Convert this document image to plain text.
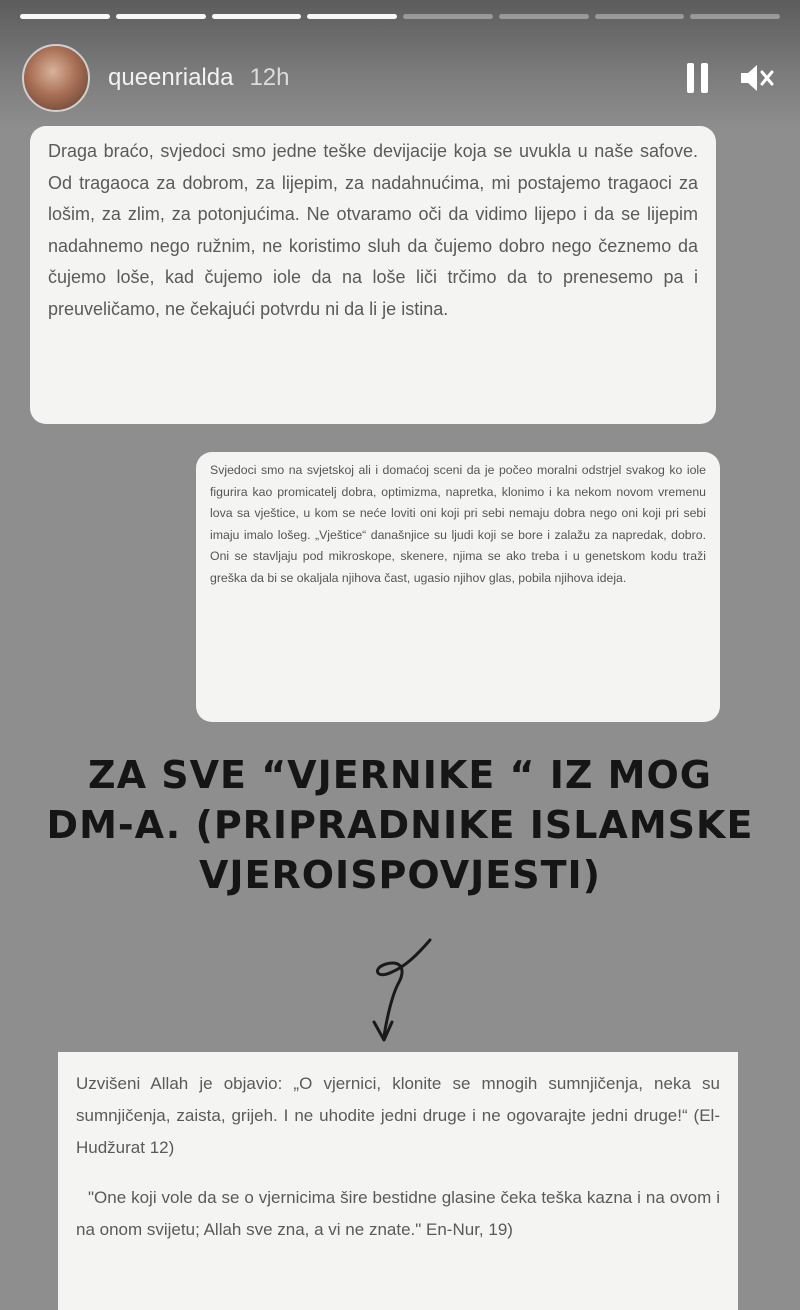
queenrialda 12h
Draga braćo, svjedoci smo jedne teške devijacije koja se uvukla u naše safove. Od tragaoca za dobrom, za lijepim, za nadahnućima, mi postajemo tragaoci za lošim, za zlim, za potonjućima. Ne otvaramo oči da vidimo lijepo i da se lijepim nadahnemo nego ružnim, ne koristimo sluh da čujemo dobro nego čeznemo da čujemo loše, kad čujemo iole da na loše liči trčimo da to prenesemo pa i preuveličamo, ne čekajući potvrdu ni da li je istina.
Svjedoci smo na svjetskoj ali i domaćoj sceni da je počeo moralni odstrjel svakog ko iole figurira kao promicatelj dobra, optimizma, napretka, klonimo i ka nekom novom vremenu lova sa vještice, u kom se neće loviti oni koji pri sebi nemaju dobra nego oni koji pri sebi imaju imalo lošeg. „Vještice“ današnjice su ljudi koji se bore i zalažu za napredak, dobro. Oni se stavljaju pod mikroskope, skenere, njima se ako treba i u genetskom kodu traži greška da bi se okaljala njihova čast, ugasio njihov glas, pobila njihova ideja.
ZA SVE “VJERNIKE “ IZ MOG DM-A. (PRIPRADNIKE ISLAMSKE VJEROISPOVJESTI)

Uzvišeni Allah je objavio: „O vjernici, klonite se mnogih sumnjičenja, neka su sumnjičenja, zaista, grijeh. I ne uhodite jedni druge i ne ogovarajte jedni druge!“ (El-Hudžurat 12)

"One koji vole da se o vjernicima šire bestidne glasine čeka teška kazna i na ovom i na onom svijetu; Allah sve zna, a vi ne znate." En-Nur, 19)
